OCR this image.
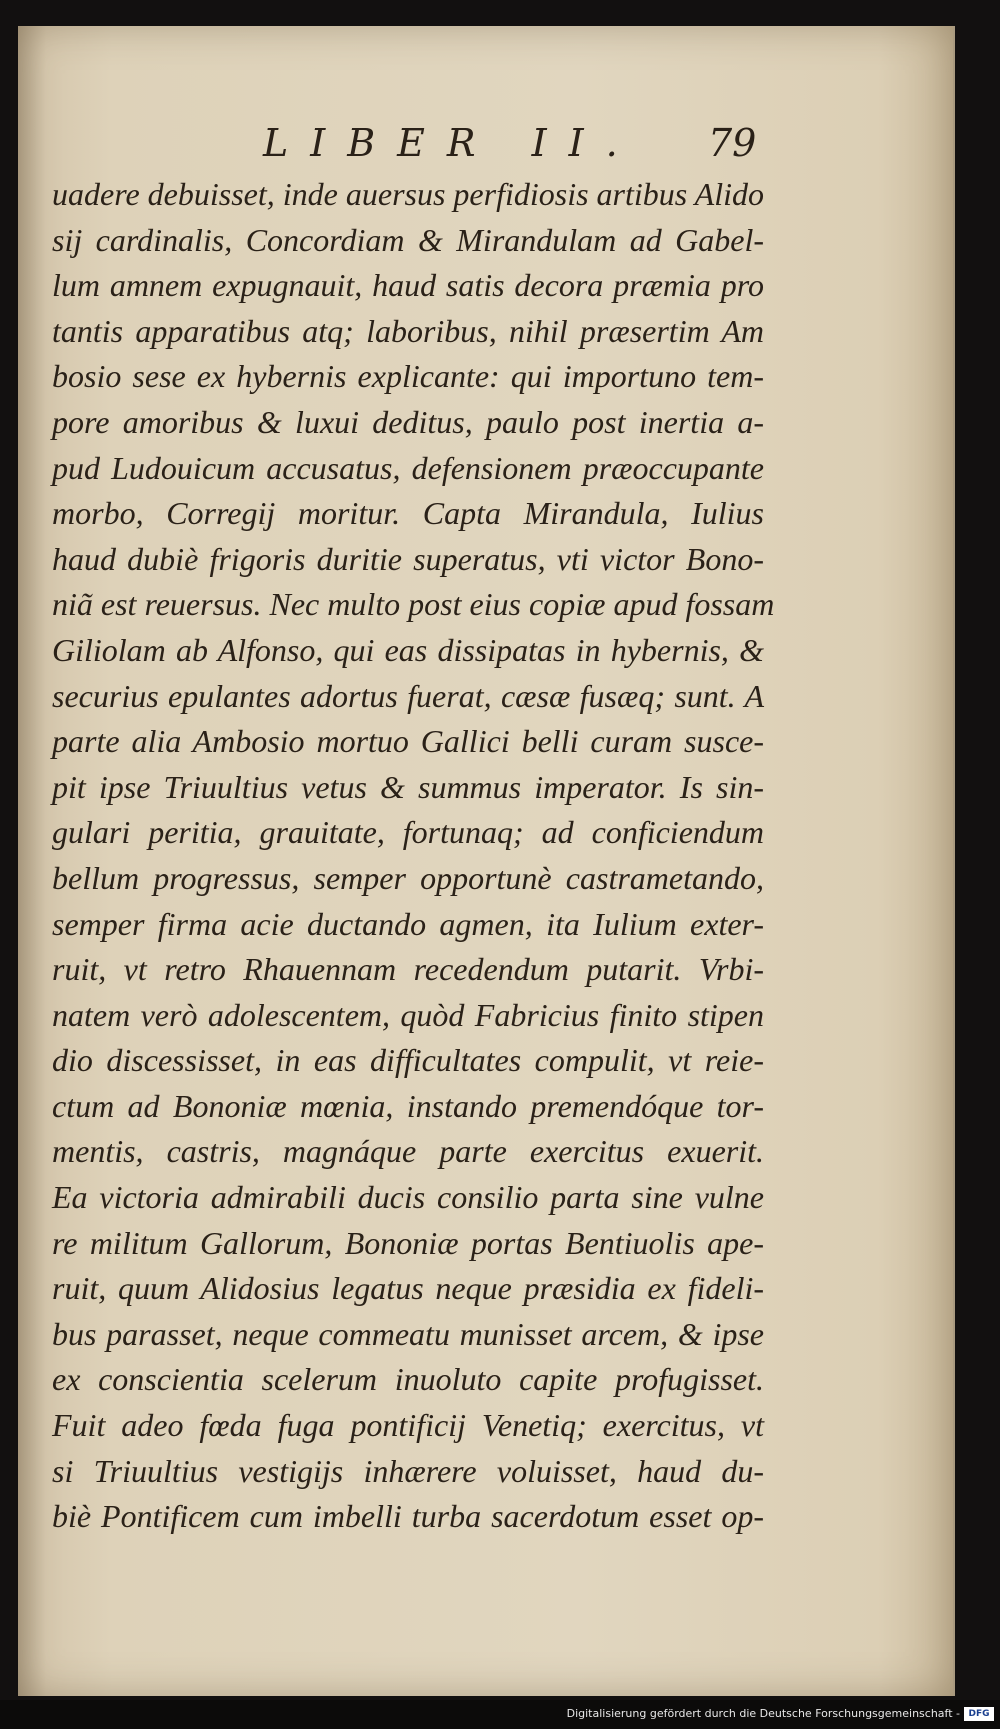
LIBER II. 79
uadere debuisset, inde auersus perfidiosis artibus Alido
sij cardinalis, Concordiam & Mirandulam ad Gabel-
lum amnem expugnauit, haud satis decora præmia pro
tantis apparatibus atq; laboribus, nihil præsertim Am
bosio sese ex hybernis explicante: qui importuno tem-
pore amoribus & luxui deditus, paulo post inertia a-
pud Ludouicum accusatus, defensionem præoccupante
morbo, Corregij moritur. Capta Mirandula, Iulius
haud dubiè frigoris duritie superatus, vti victor Bono-
niã est reuersus. Nec multo post eius copiæ apud fossam
Giliolam ab Alfonso, qui eas dissipatas in hybernis, &
securius epulantes adortus fuerat, cæsæ fusæq; sunt. A
parte alia Ambosio mortuo Gallici belli curam susce-
pit ipse Triuultius vetus & summus imperator. Is sin-
gulari peritia, grauitate, fortunaq; ad conficiendum
bellum progressus, semper opportunè castrametando,
semper firma acie ductando agmen, ita Iulium exter-
ruit, vt retro Rhauennam recedendum putarit. Vrbi-
natem verò adolescentem, quòd Fabricius finito stipen
dio discessisset, in eas difficultates compulit, vt reie-
ctum ad Bononiæ mœnia, instando premendóque tor-
mentis, castris, magnáque parte exercitus exuerit.
Ea victoria admirabili ducis consilio parta sine vulne
re militum Gallorum, Bononiæ portas Bentiuolis ape-
ruit, quum Alidosius legatus neque præsidia ex fideli-
bus parasset, neque commeatu munisset arcem, & ipse
ex conscientia scelerum inuoluto capite profugisset.
Fuit adeo fœda fuga pontificij Venetiq; exercitus, vt
si Triuultius vestigijs inhærere voluisset, haud du-
biè Pontificem cum imbelli turba sacerdotum esset op-
Digitalisierung gefördert durch die Deutsche Forschungsgemeinschaft - DFG
